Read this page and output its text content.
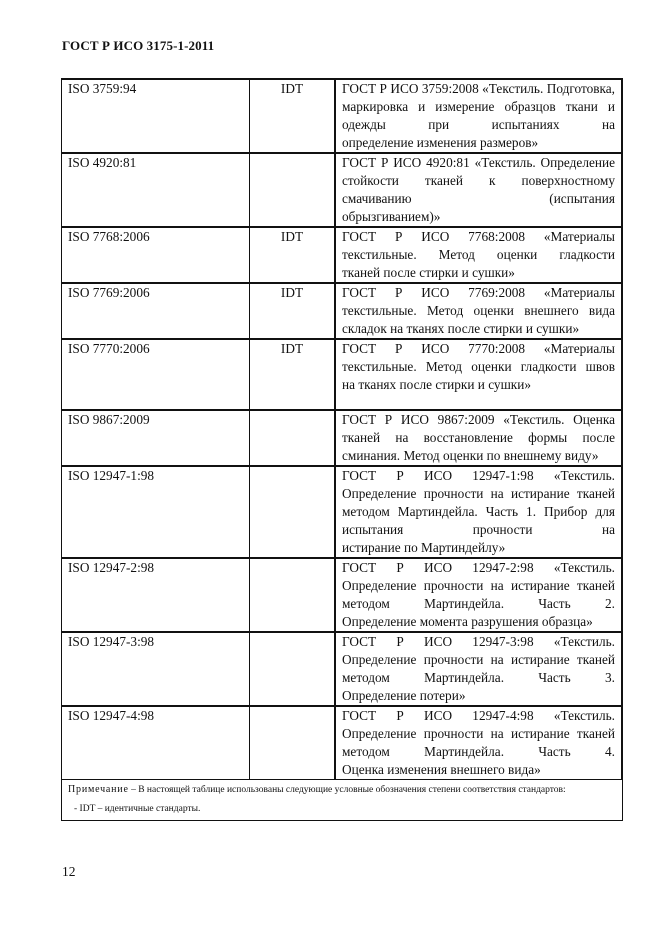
ГОСТ Р ИСО 3175-1-2011
ISO 3759:94	IDT	ГОСТ Р ИСО 3759:2008 «Текстиль. Подготовка, маркировка и измерение образцов ткани и одежды при испытаниях на
определение изменения размеров»

ISO 4920:81		ГОСТ Р ИСО 4920:81 «Текстиль. Определение стойкости тканей к поверхностному смачиванию (испытания
обрызгиванием)»

ISO 7768:2006	IDT	ГОСТ Р ИСО 7768:2008 «Материалы текстильные. Метод оценки гладкости
тканей после стирки и сушки»

ISO 7769:2006	IDT	ГОСТ Р ИСО 7769:2008 «Материалы текстильные. Метод оценки внешнего вида
складок на тканях после стирки и сушки»

ISO 7770:2006	IDT	ГОСТ Р ИСО 7770:2008 «Материалы текстильные. Метод оценки гладкости швов
на тканях после стирки и сушки»

ISO 9867:2009		ГОСТ Р ИСО 9867:2009 «Текстиль. Оценка тканей на восстановление формы после
сминания. Метод оценки по внешнему виду»

ISO 12947-1:98		ГОСТ Р ИСО 12947-1:98 «Текстиль. Определение прочности на истирание тканей методом Мартиндейла. Часть 1. Прибор для испытания прочности на
истирание по Мартиндейлу»

ISO 12947-2:98		ГОСТ Р ИСО 12947-2:98 «Текстиль. Определение прочности на истирание тканей методом Мартиндейла. Часть 2.
Определение момента разрушения образца»

ISO 12947-3:98		ГОСТ Р ИСО 12947-3:98 «Текстиль. Определение прочности на истирание тканей методом Мартиндейла. Часть 3.
Определение потери»

ISO 12947-4:98		ГОСТ Р ИСО 12947-4:98 «Текстиль. Определение прочности на истирание тканей методом Мартиндейла. Часть 4.
Оценка изменения внешнего вида»

Примечание – В настоящей таблице использованы следующие условные обозначения степени соответствия стандартов:
- IDT – идентичные стандарты.		
12
